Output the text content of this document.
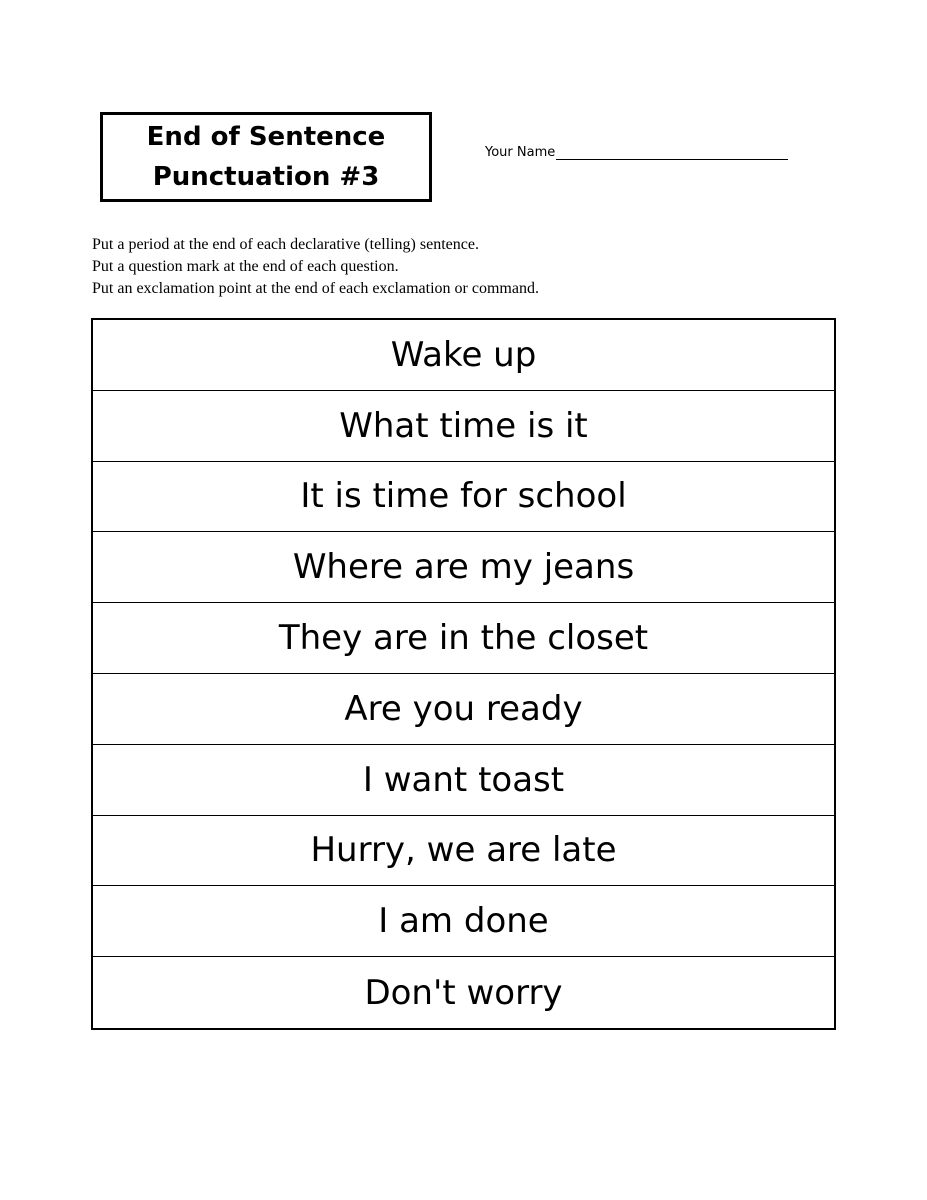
End of Sentence
Punctuation #3
Your Name
Put a period at the end of each declarative (telling) sentence.
Put a question mark at the end of each question.
Put an exclamation point at the end of each exclamation or command.
Wake up
What time is it
It is time for school
Where are my jeans
They are in the closet
Are you ready
I want toast
Hurry, we are late
I am done
Don't worry
